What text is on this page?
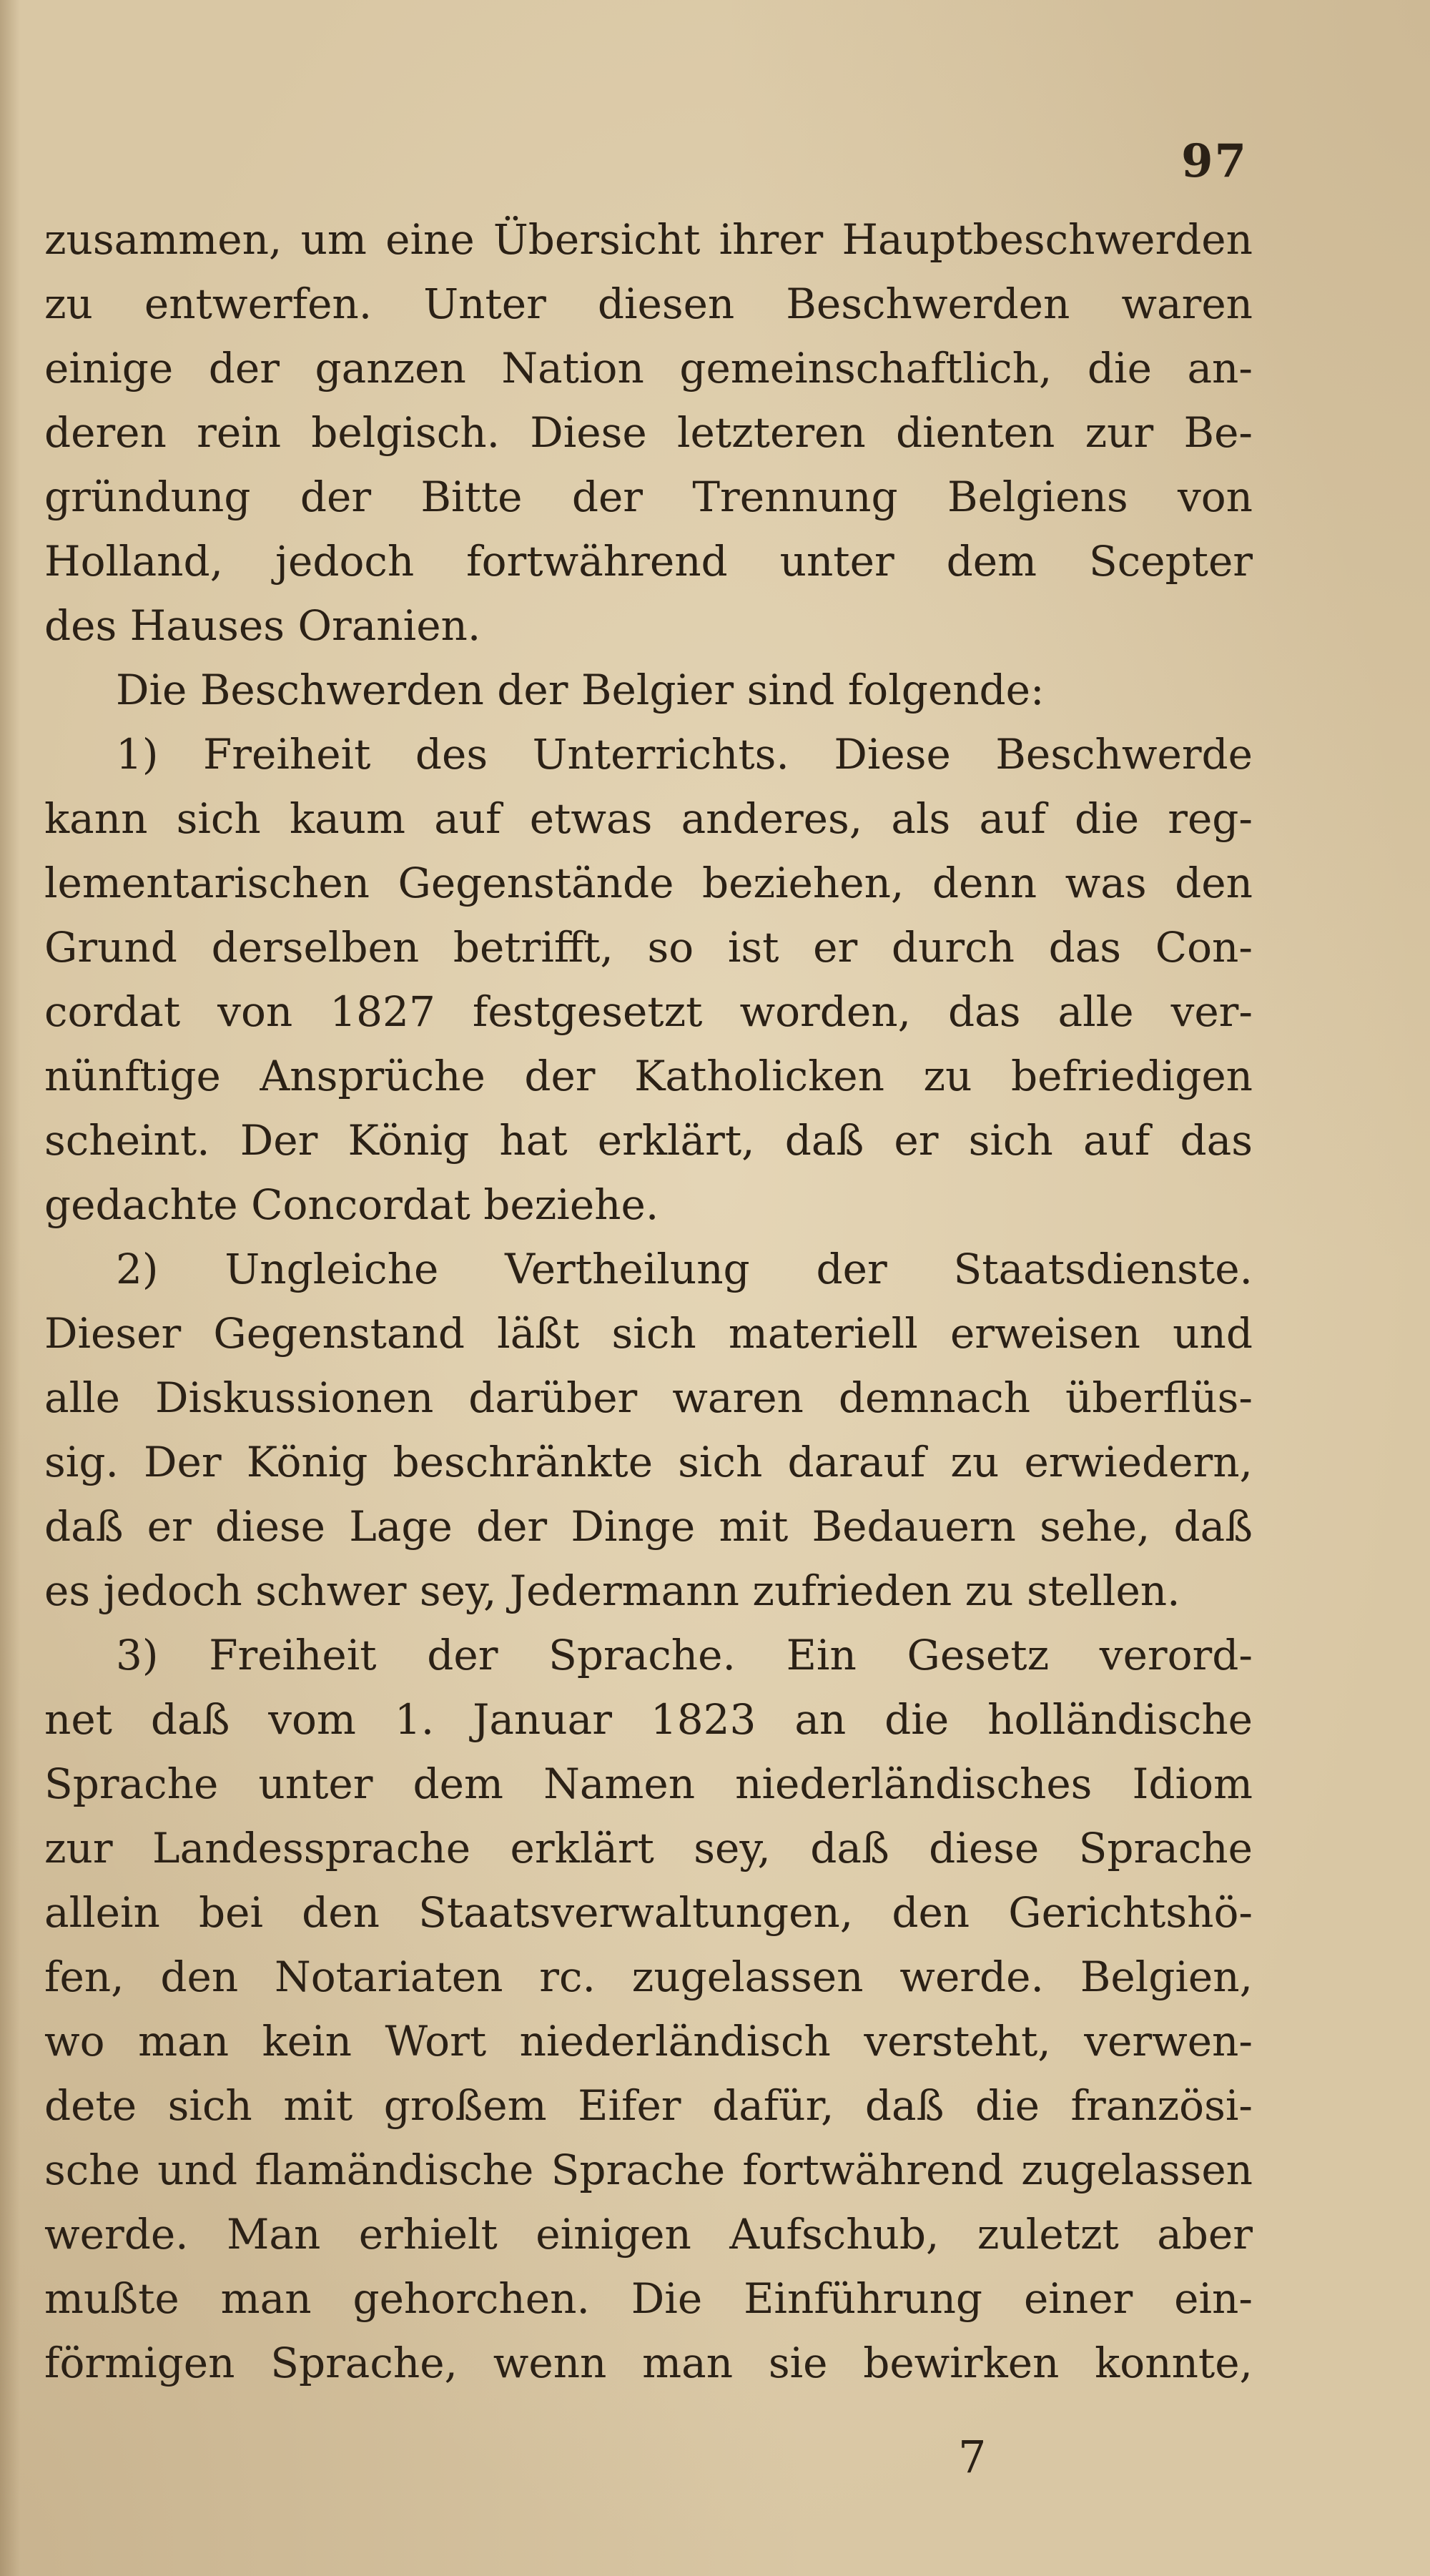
97
zusammen, um eine Übersicht ihrer Hauptbeschwerden
zu entwerfen. Unter diesen Beschwerden waren
einige der ganzen Nation gemeinschaftlich, die an-
deren rein belgisch. Diese letzteren dienten zur Be-
gründung der Bitte der Trennung Belgiens von
Holland, jedoch fortwährend unter dem Scepter
des Hauses Oranien.
Die Beschwerden der Belgier sind folgende:
1) Freiheit des Unterrichts. Diese Beschwerde
kann sich kaum auf etwas anderes, als auf die reg-
lementarischen Gegenstände beziehen, denn was den
Grund derselben betrifft, so ist er durch das Con-
cordat von 1827 festgesetzt worden, das alle ver-
nünftige Ansprüche der Katholicken zu befriedigen
scheint. Der König hat erklärt, daß er sich auf das
gedachte Concordat beziehe.
2) Ungleiche Vertheilung der Staatsdienste.
Dieser Gegenstand läßt sich materiell erweisen und
alle Diskussionen darüber waren demnach überflüs-
sig. Der König beschränkte sich darauf zu erwiedern,
daß er diese Lage der Dinge mit Bedauern sehe, daß
es jedoch schwer sey, Jedermann zufrieden zu stellen.
3) Freiheit der Sprache. Ein Gesetz verord-
net daß vom 1. Januar 1823 an die holländische
Sprache unter dem Namen niederländisches Idiom
zur Landessprache erklärt sey, daß diese Sprache
allein bei den Staatsverwaltungen, den Gerichtshö-
fen, den Notariaten rc. zugelassen werde. Belgien,
wo man kein Wort niederländisch versteht, verwen-
dete sich mit großem Eifer dafür, daß die französi-
sche und flamändische Sprache fortwährend zugelassen
werde. Man erhielt einigen Aufschub, zuletzt aber
mußte man gehorchen. Die Einführung einer ein-
förmigen Sprache, wenn man sie bewirken konnte,
7
